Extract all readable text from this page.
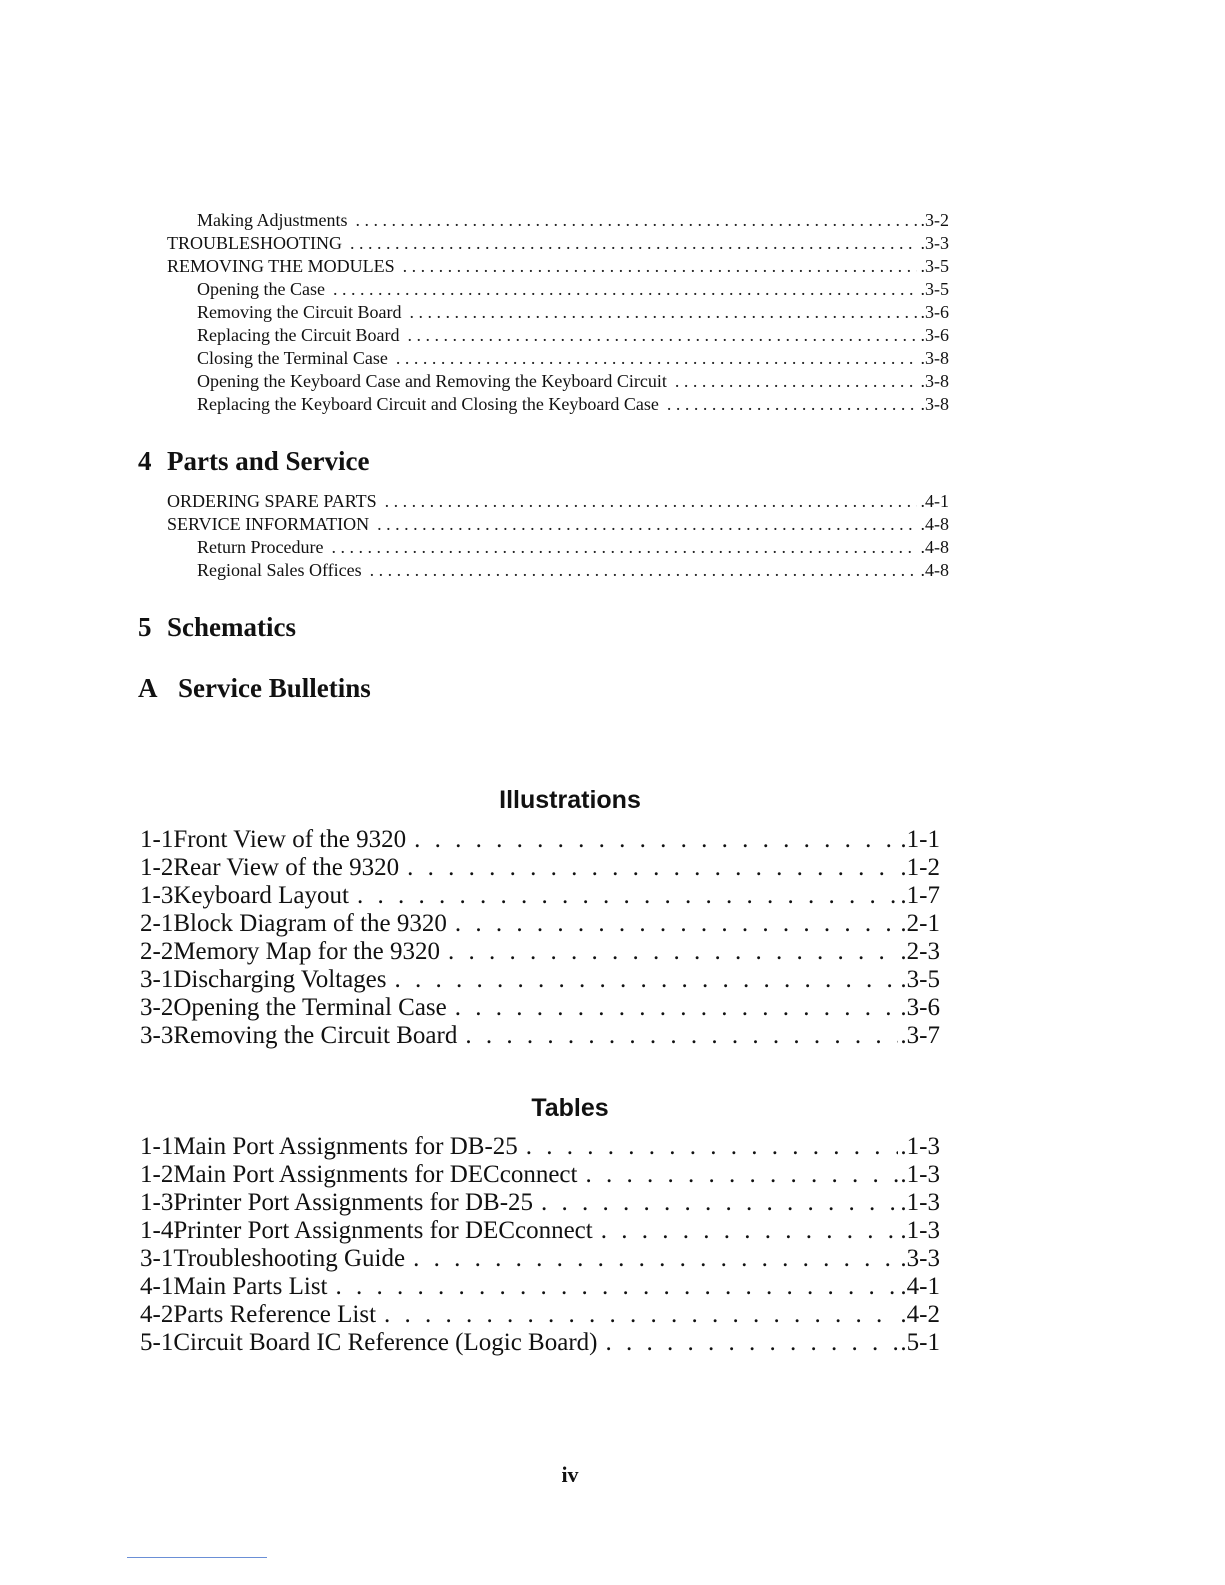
Making Adjustments . . .	.3-2
TROUBLESHOOTING . . .	.3-3
REMOVING THE MODULES . . .	.3-5
Opening the Case . . .	.3-5
Removing the Circuit Board . . .	.3-6
Replacing the Circuit Board . . .	.3-6
Closing the Terminal Case . . .	.3-8
Opening the Keyboard Case and Removing the Keyboard Circuit . . .	.3-8
Replacing the Keyboard Circuit and Closing the Keyboard Case . . .	.3-8
4 Parts and Service
ORDERING SPARE PARTS . . .	.4-1
SERVICE INFORMATION . . .	.4-8
Return Procedure . . .	.4-8
Regional Sales Offices . . .	.4-8
5 Schematics
A Service Bulletins
Illustrations
1-1 Front View of the 9320 . . .	.1-1
1-2 Rear View of the 9320 . . .	.1-2
1-3 Keyboard Layout . . .	.1-7
2-1 Block Diagram of the 9320 . . .	.2-1
2-2 Memory Map for the 9320 . . .	.2-3
3-1 Discharging Voltages . . .	.3-5
3-2 Opening the Terminal Case . . .	.3-6
3-3 Removing the Circuit Board . . .	.3-7
Tables
1-1 Main Port Assignments for DB-25 . . .	.1-3
1-2 Main Port Assignments for DECconnect . . .	.1-3
1-3 Printer Port Assignments for DB-25 . . .	.1-3
1-4 Printer Port Assignments for DECconnect . . .	.1-3
3-1 Troubleshooting Guide . . .	.3-3
4-1 Main Parts List . . .	.4-1
4-2 Parts Reference List . . .	.4-2
5-1 Circuit Board IC Reference (Logic Board) . . .	.5-1
iv
